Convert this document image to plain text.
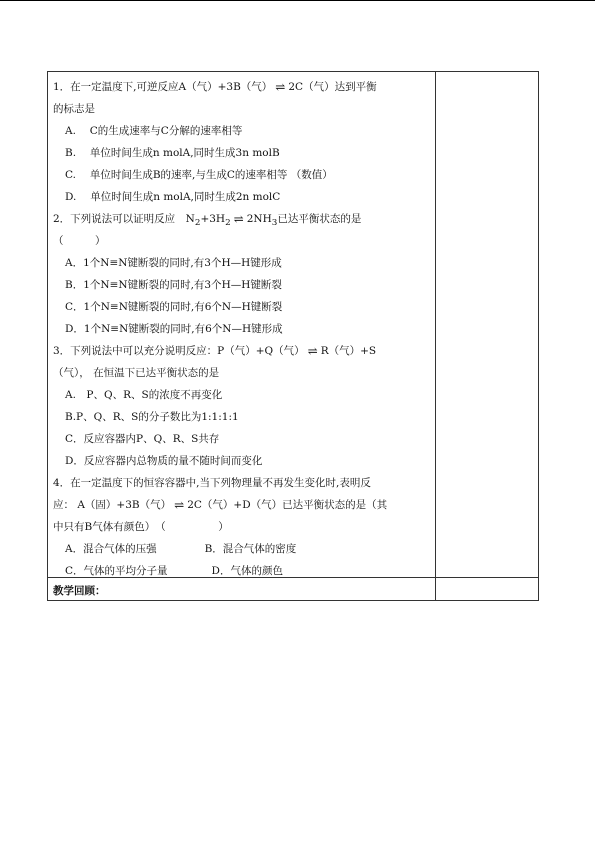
1．在一定温度下,可逆反应A（气）+3B（气） ⇌ 2C（气）达到平衡
的标志是
A.　 C的生成速率与C分解的速率相等
B.　 单位时间生成n molA,同时生成3n molB
C.　 单位时间生成B的速率,与生成C的速率相等 （数值）
D.　 单位时间生成n molA,同时生成2n molC
2．下列说法可以证明反应　$N_2+3H_2$ ⇌ $2NH_3$已达平衡状态的是
（　　　）
A．1个N≡N键断裂的同时,有3个H—H键形成
B．1个N≡N键断裂的同时,有3个H—H键断裂
C．1个N≡N键断裂的同时,有6个N—H键断裂
D．1个N≡N键断裂的同时,有6个N—H键形成
3．下列说法中可以充分说明反应：P（气）+Q（气） ⇌ R（气）+S
（气）， 在恒温下已达平衡状态的是
A.　P、Q、R、S的浓度不再变化
B.P、Q、R、S的分子数比为1:1:1:1
C．反应容器内P、Q、R、S共存
D．反应容器内总物质的量不随时间而变化
4．在一定温度下的恒容容器中,当下列物理量不再发生变化时,表明反
应： A（固）+3B（气） ⇌ 2C（气）+D（气）已达平衡状态的是（其
中只有B气体有颜色）　（　　　　　）
A．混合气体的压强	B．混合气体的密度
C．气体的平均分子量	D．气体的颜色
教学回顾：
